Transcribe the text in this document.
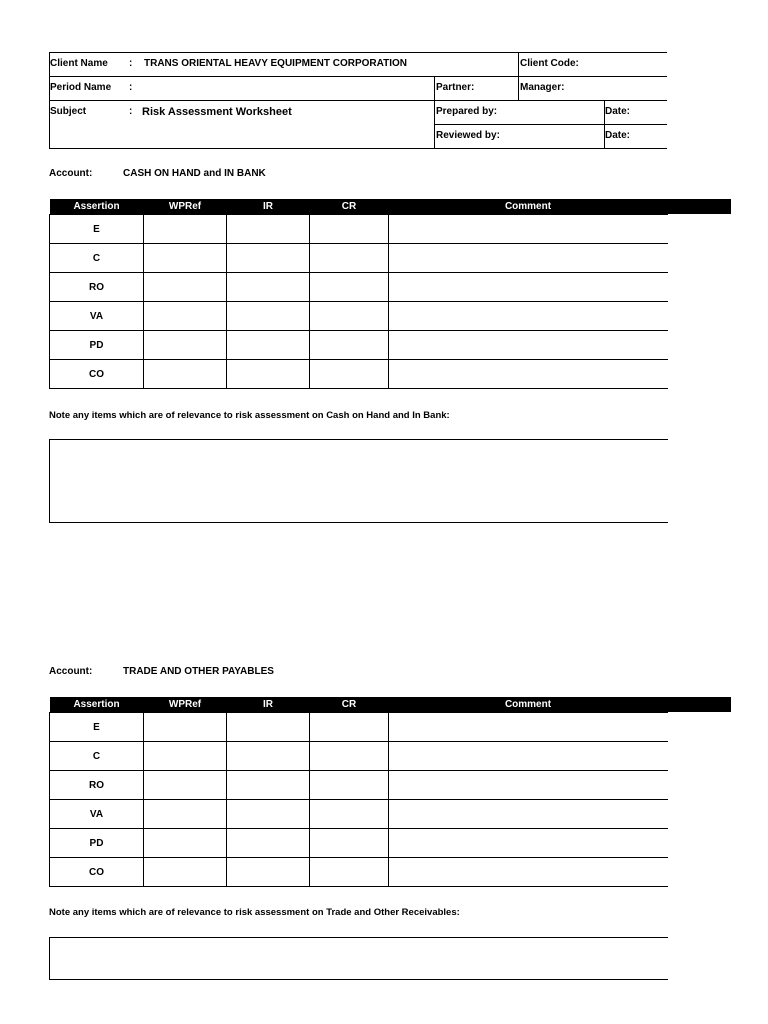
Client Name : TRANS ORIENTAL HEAVY EQUIPMENT CORPORATION	Client Code:
Period Name :	Partner:	Manager:
Subject	: Risk Assessment Worksheet	Prepared by:	Date:
Reviewed by:	Date:
Account:	CASH ON HAND and IN BANK
Assertion	WPRef	IR	CR	Comment
E				
C				
RO				
VA				
PD				
CO				
Note any items which are of relevance to risk assessment on Cash on Hand and In Bank:
Account:	TRADE AND OTHER PAYABLES
Assertion	WPRef	IR	CR	Comment
E				
C				
RO				
VA				
PD				
CO				
Note any items which are of relevance to risk assessment on Trade and Other Receivables:
